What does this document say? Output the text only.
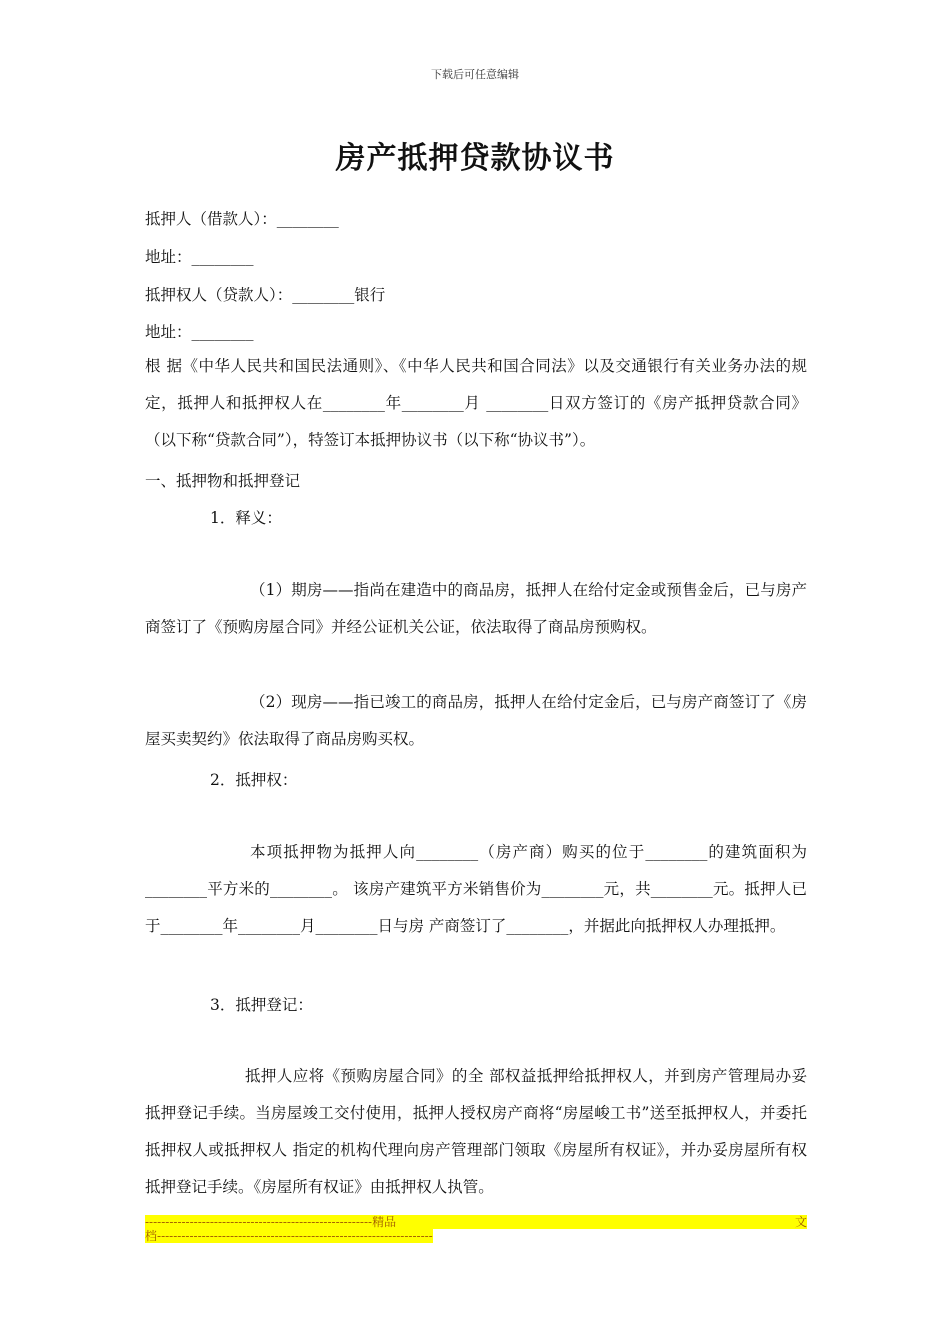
下载后可任意编辑
房产抵押贷款协议书
抵押人（借款人）：________
地址：________
抵押权人（贷款人）：________银行
地址：________
根 据《中华人民共和国民法通则》、《中华人民共和国合同法》以及交通银行有关业务办法的规定，抵押人和抵押权人在________年________月 ________日双方签订的《房产抵押贷款合同》（以下称“贷款合同”），特签订本抵押协议书（以下称“协议书”）。
一、抵押物和抵押登记
1．释义：
（1）期房——指尚在建造中的商品房，抵押人在给付定金或预售金后，已与房产商签订了《预购房屋合同》并经公证机关公证，依法取得了商品房预购权。
（2）现房——指已竣工的商品房，抵押人在给付定金后，已与房产商签订了《房屋买卖契约》依法取得了商品房购买权。
2．抵押权：
本项抵押物为抵押人向________（房产商）购买的位于________的建筑面积为________平方米的________。 该房产建筑平方米销售价为________元，共________元。抵押人已于________年________月________日与房 产商签订了________，并据此向抵押权人办理抵押。
3．抵押登记：
抵押人应将《预购房屋合同》的全 部权益抵押给抵押权人，并到房产管理局办妥抵押登记手续。当房屋竣工交付使用，抵押人授权房产商将“房屋峻工书”送至抵押权人，并委托抵押权人或抵押权人 指定的机构代理向房产管理部门领取《房屋所有权证》，并办妥房屋所有权抵押登记手续。《房屋所有权证》由抵押权人执管。
-------------------------------------------------------- 精 品	文
档--------------------------------------------------------------------
